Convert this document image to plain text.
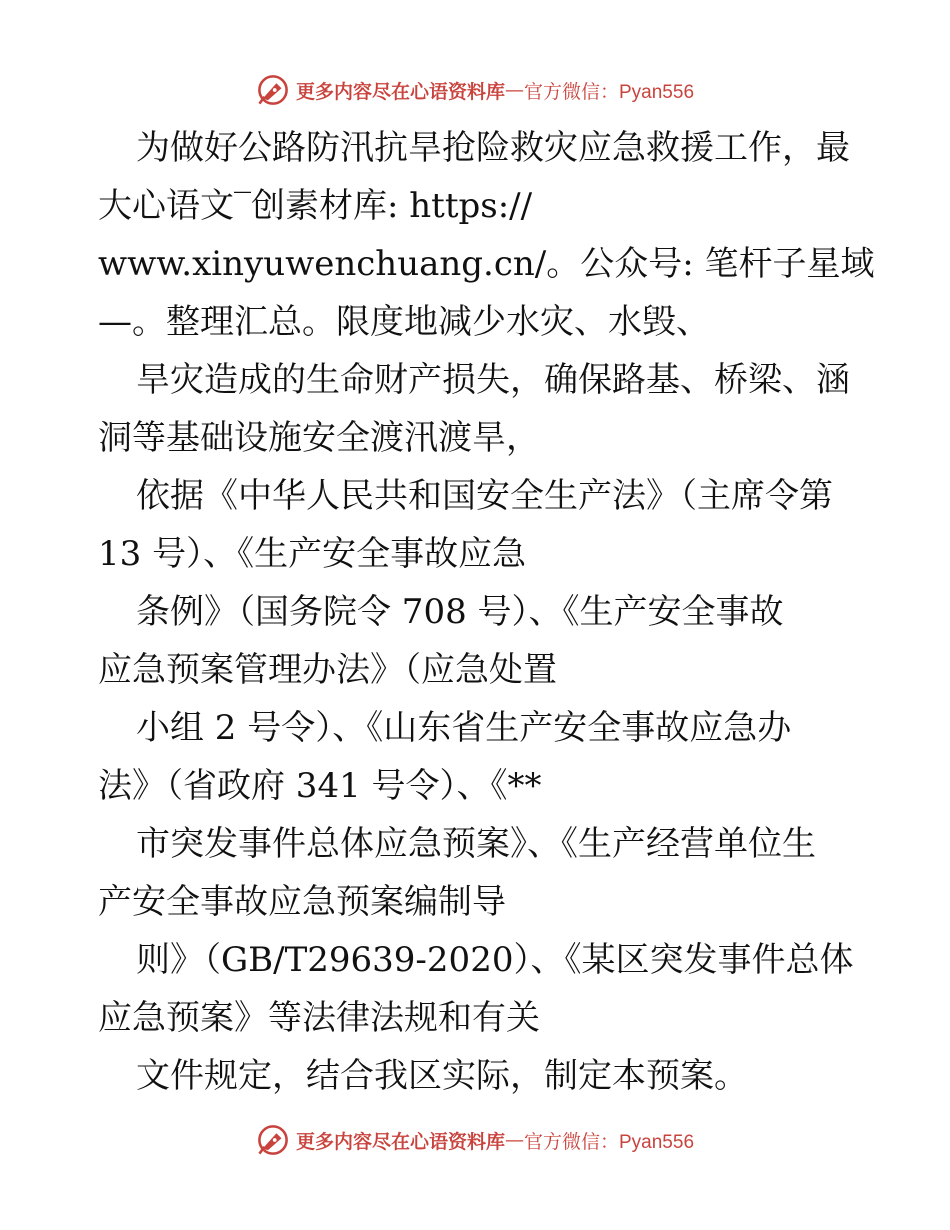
更多内容尽在心语资料库 — 官方微信：Pyan556
为做好公路防汛抗旱抢险救灾应急救援工作，最
大心语文‾创素材库: https://
www.xinyuwenchuang.cn/。公众号: 笔杆子星域
—。整理汇总。限度地减少水灾、水毁、
旱灾造成的生命财产损失，确保路基、桥梁、涵
洞等基础设施安全渡汛渡旱，
依据《中华人民共和国安全生产法》（主席令第
13 号）、《生产安全事故应急
条例》（国务院令 708 号）、《生产安全事故
应急预案管理办法》（应急处置
小组 2 号令）、《山东省生产安全事故应急办
法》（省政府 341 号令）、《**
市突发事件总体应急预案》、《生产经营单位生
产安全事故应急预案编制导
则》（GB/T29639-2020）、《某区突发事件总体
应急预案》等法律法规和有关
文件规定，结合我区实际，制定本预案。
更多内容尽在心语资料库 — 官方微信：Pyan556
